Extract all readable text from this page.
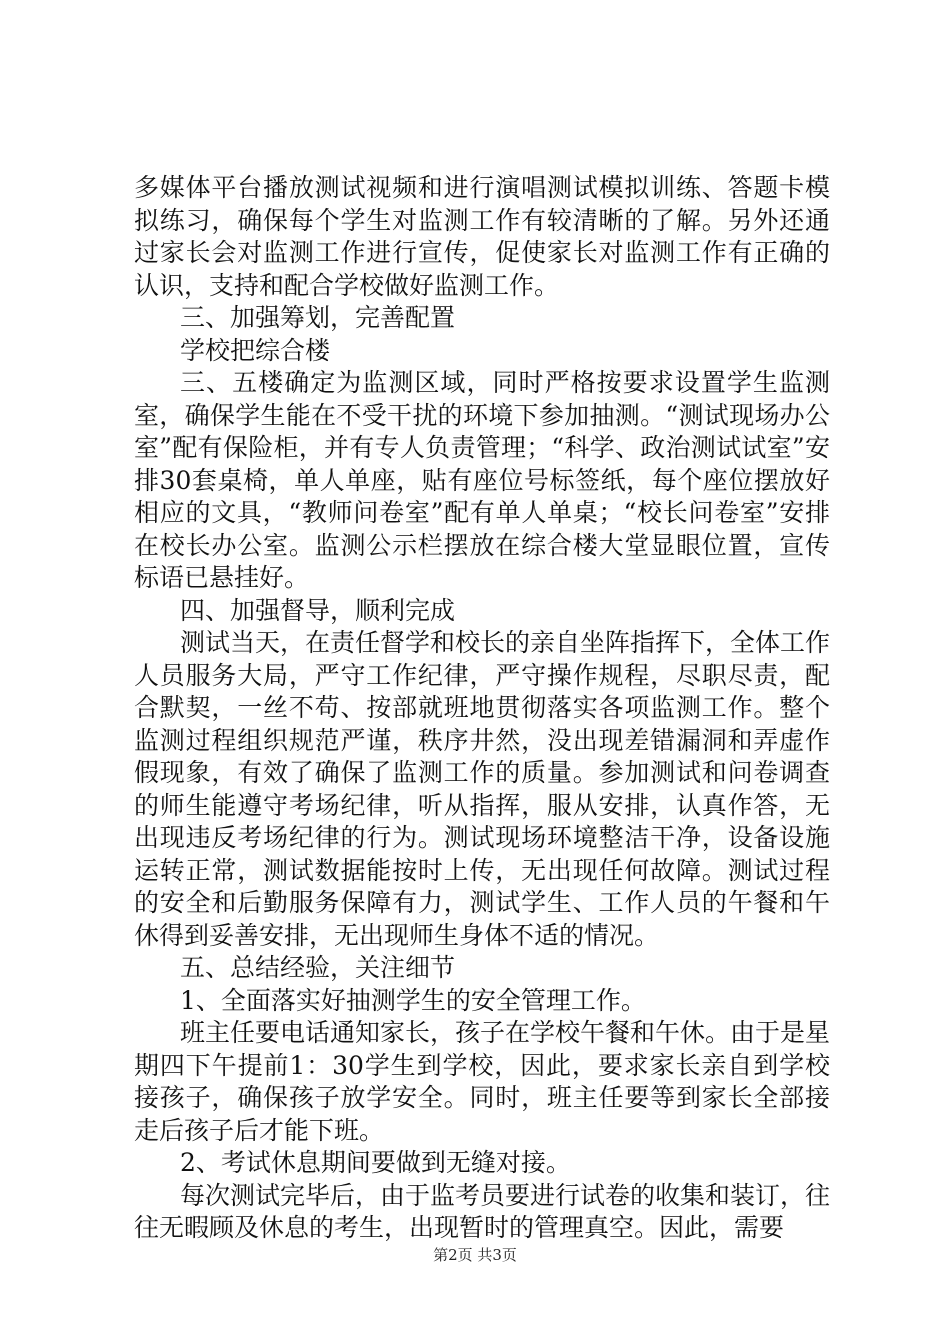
多媒体平台播放测试视频和进行演唱测试模拟训练、答题卡模拟练习，确保每个学生对监测工作有较清晰的了解。另外还通过家长会对监测工作进行宣传，促使家长对监测工作有正确的认识，支持和配合学校做好监测工作。

三、加强筹划，完善配置

学校把综合楼

三、五楼确定为监测区域，同时严格按要求设置学生监测室，确保学生能在不受干扰的环境下参加抽测。“测试现场办公室”配有保险柜，并有专人负责管理；“科学、政治测试试室”安排30套桌椅，单人单座，贴有座位号标签纸，每个座位摆放好相应的文具，“教师问卷室”配有单人单桌；“校长问卷室”安排在校长办公室。监测公示栏摆放在综合楼大堂显眼位置，宣传标语已悬挂好。

四、加强督导，顺利完成

测试当天，在责任督学和校长的亲自坐阵指挥下，全体工作人员服务大局，严守工作纪律，严守操作规程，尽职尽责，配合默契，一丝不苟、按部就班地贯彻落实各项监测工作。整个监测过程组织规范严谨，秩序井然，没出现差错漏洞和弄虚作假现象，有效了确保了监测工作的质量。参加测试和问卷调查的师生能遵守考场纪律，听从指挥，服从安排，认真作答，无出现违反考场纪律的行为。测试现场环境整洁干净，设备设施运转正常，测试数据能按时上传，无出现任何故障。测试过程的安全和后勤服务保障有力，测试学生、工作人员的午餐和午休得到妥善安排，无出现师生身体不适的情况。

五、总结经验，关注细节

1、全面落实好抽测学生的安全管理工作。

班主任要电话通知家长，孩子在学校午餐和午休。由于是星期四下午提前1：30学生到学校，因此，要求家长亲自到学校接孩子，确保孩子放学安全。同时，班主任要等到家长全部接走后孩子后才能下班。

2、考试休息期间要做到无缝对接。

每次测试完毕后，由于监考员要进行试卷的收集和装订，往往无暇顾及休息的考生，出现暂时的管理真空。因此，需要

第2页 共3页
